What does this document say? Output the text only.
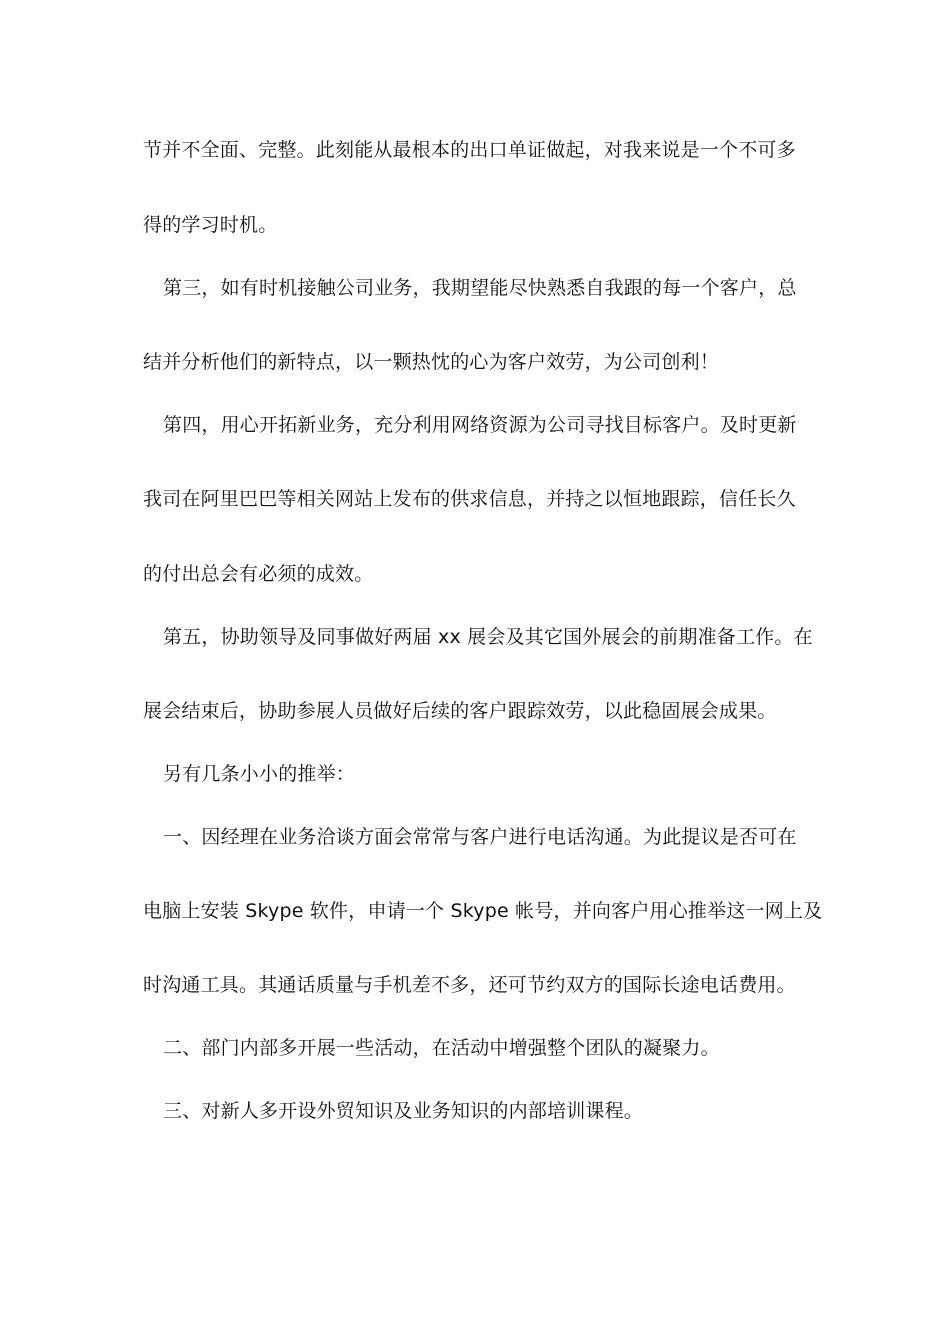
节并不全面、完整。此刻能从最根本的出口单证做起，对我来说是一个不可多
得的学习时机。
第三，如有时机接触公司业务，我期望能尽快熟悉自我跟的每一个客户，总
结并分析他们的新特点，以一颗热忱的心为客户效劳，为公司创利！
第四，用心开拓新业务，充分利用网络资源为公司寻找目标客户。及时更新
我司在阿里巴巴等相关网站上发布的供求信息，并持之以恒地跟踪，信任长久
的付出总会有必须的成效。
第五，协助领导及同事做好两届 xx 展会及其它国外展会的前期准备工作。在
展会结束后，协助参展人员做好后续的客户跟踪效劳，以此稳固展会成果。
另有几条小小的推举：
一、因经理在业务洽谈方面会常常与客户进行电话沟通。为此提议是否可在
电脑上安装 Skype 软件，申请一个 Skype 帐号，并向客户用心推举这一网上及
时沟通工具。其通话质量与手机差不多，还可节约双方的国际长途电话费用。
二、部门内部多开展一些活动，在活动中增强整个团队的凝聚力。
三、对新人多开设外贸知识及业务知识的内部培训课程。
